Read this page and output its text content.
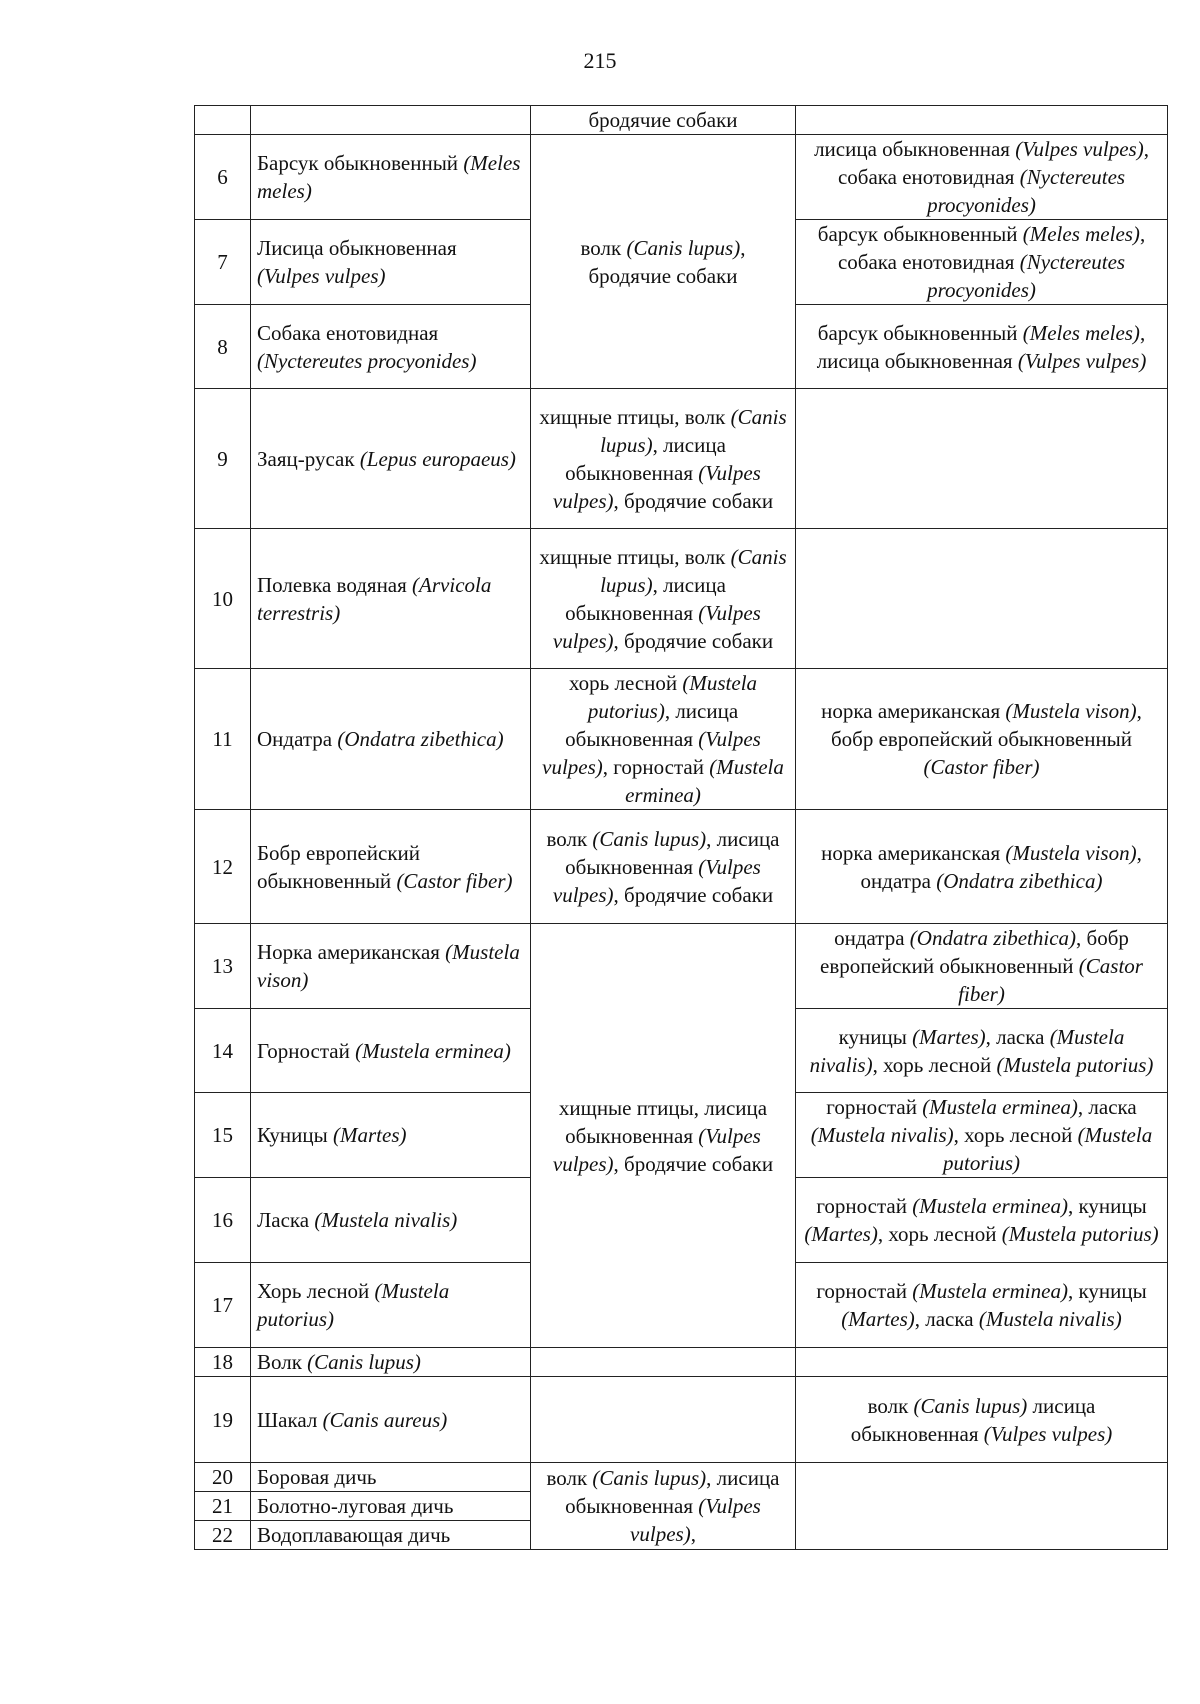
215
		бродячие собаки	
6	Барсук обыкновенный (Meles meles)	волк (Canis lupus), бродячие собаки	лисица обыкновенная (Vulpes vulpes), собака енотовидная (Nyctereutes procyonides)
7	Лисица обыкновенная (Vulpes vulpes)		барсук обыкновенный (Meles meles), собака енотовидная (Nyctereutes procyonides)
8	Собака енотовидная (Nyctereutes procyonides)		барсук обыкновенный (Meles meles), лисица обыкновенная (Vulpes vulpes)
9	Заяц-русак (Lepus europaeus)	хищные птицы, волк (Canis lupus), лисица обыкновенная (Vulpes vulpes), бродячие собаки	
10	Полевка водяная (Arvicola terrestris)	хищные птицы, волк (Canis lupus), лисица обыкновенная (Vulpes vulpes), бродячие собаки	
11	Ондатра (Ondatra zibethica)	хорь лесной (Mustela putorius), лисица обыкновенная (Vulpes vulpes), горностай (Mustela erminea)	норка американская (Mustela vison), бобр европейский обыкновенный (Castor fiber)
12	Бобр европейский обыкновенный (Castor fiber)	волк (Canis lupus), лисица обыкновенная (Vulpes vulpes), бродячие собаки	норка американская (Mustela vison), ондатра (Ondatra zibethica)
13	Норка американская (Mustela vison)	хищные птицы, лисица обыкновенная (Vulpes vulpes), бродячие собаки	ондатра (Ondatra zibethica), бобр европейский обыкновенный (Castor fiber)
14	Горностай (Mustela erminea)		куницы (Martes), ласка (Mustela nivalis), хорь лесной (Mustela putorius)
15	Куницы (Martes)		горностай (Mustela erminea), ласка (Mustela nivalis), хорь лесной (Mustela putorius)
16	Ласка (Mustela nivalis)		горностай (Mustela erminea), куницы (Martes), хорь лесной (Mustela putorius)
17	Хорь лесной (Mustela putorius)		горностай (Mustela erminea), куницы (Martes), ласка (Mustela nivalis)
18	Волк (Canis lupus)		
19	Шакал (Canis aureus)		волк (Canis lupus) лисица обыкновенная (Vulpes vulpes)
20	Боровая дичь	волк (Canis lupus), лисица обыкновенная (Vulpes vulpes),	
21	Болотно-луговая дичь		
22	Водоплавающая дичь		
